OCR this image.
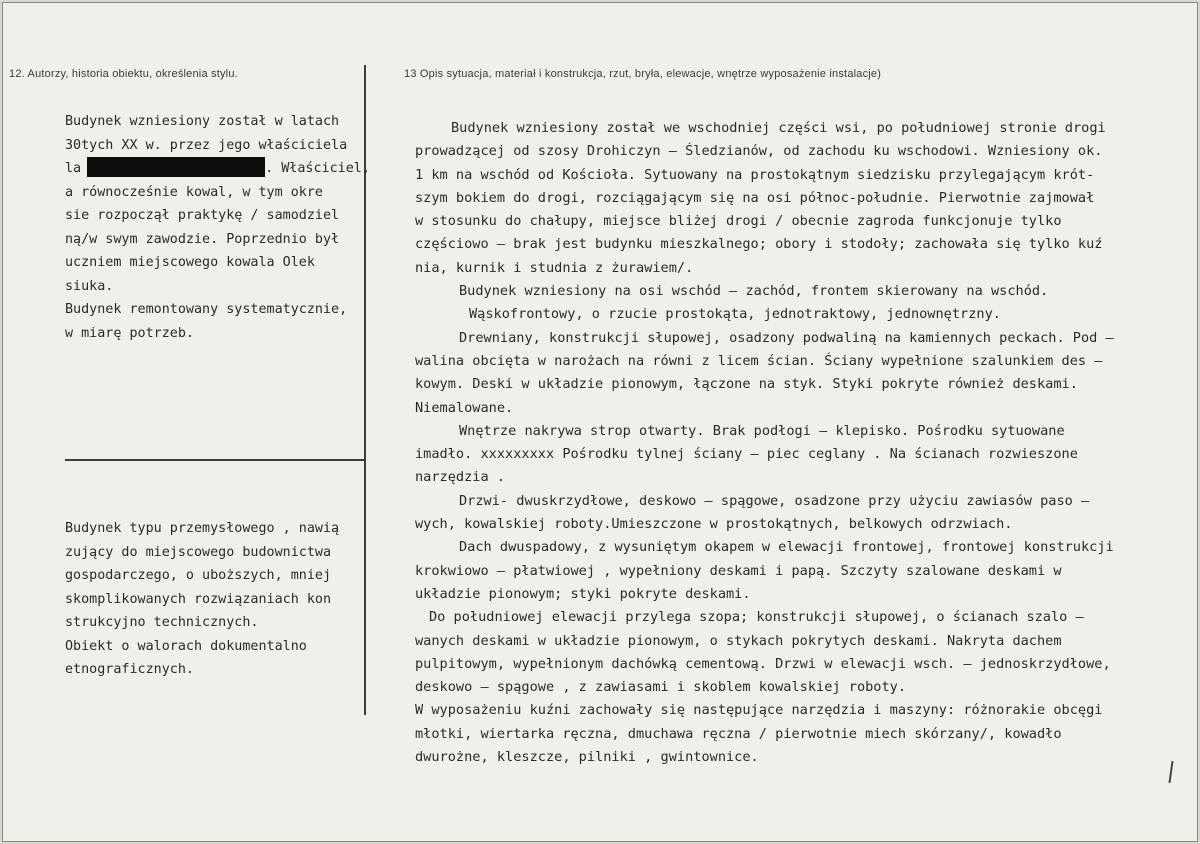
12. Autorzy, historia obiektu, określenia stylu.	13 Opis sytuacja, materiał i konstrukcja, rzut, bryła, elewacje, wnętrze wyposażenie instalacje)
Budynek wzniesiony został w latach
30tych XX w. przez jego właściciela
la	. Właściciel,
a równocześnie kowal, w tym okre
sie rozpoczął praktykę / samodziel
ną/w swym zawodzie. Poprzednio był
uczniem miejscowego kowala Olek
siuka.
Budynek remontowany systematycznie,
w miarę potrzeb.
Budynek typu przemysłowego , nawią
zujący do miejscowego budownictwa
gospodarczego, o uboższych, mniej
skomplikowanych rozwiązaniach kon
strukcyjno technicznych.
Obiekt o walorach dokumentalno
etnograficznych.
Budynek wzniesiony został we wschodniej części wsi, po południowej stronie drogi
prowadzącej od szosy Drohiczyn — Śledzianów, od zachodu ku wschodowi. Wzniesiony ok.
1 km na wschód od Kościoła. Sytuowany na prostokątnym siedzisku przylegającym krót-
szym bokiem do drogi, rozciągającym się na osi północ-południe. Pierwotnie zajmował
w stosunku do chałupy, miejsce bliżej drogi / obecnie zagroda funkcjonuje tylko
częściowo — brak jest budynku mieszkalnego; obory i stodoły; zachowała się tylko kuź
nia, kurnik i studnia z żurawiem/.
Budynek wzniesiony na osi wschód — zachód, frontem skierowany na wschód.
Wąskofrontowy, o rzucie prostokąta, jednotraktowy, jednownętrzny.
Drewniany, konstrukcji słupowej, osadzony podwaliną na kamiennych peckach. Pod —
walina obcięta w narożach na równi z licem ścian. Ściany wypełnione szalunkiem des —
kowym. Deski w układzie pionowym, łączone na styk. Styki pokryte również deskami.
Niemalowane.
Wnętrze nakrywa strop otwarty. Brak podłogi — klepisko. Pośrodku sytuowane
imadło. xxxxxxxxx Pośrodku tylnej ściany — piec ceglany . Na ścianach rozwieszone
narzędzia .
Drzwi- dwuskrzydłowe, deskowo — spągowe, osadzone przy użyciu zawiasów paso —
wych, kowalskiej roboty.Umieszczone w prostokątnych, belkowych odrzwiach.
Dach dwuspadowy, z wysuniętym okapem w elewacji frontowej, frontowej konstrukcji
krokwiowo — płatwiowej , wypełniony deskami i papą. Szczyty szalowane deskami w
układzie pionowym; styki pokryte deskami.
Do południowej elewacji przylega szopa; konstrukcji słupowej, o ścianach szalo —
wanych deskami w układzie pionowym, o stykach pokrytych deskami. Nakryta dachem
pulpitowym, wypełnionym dachówką cementową. Drzwi w elewacji wsch. — jednoskrzydłowe,
deskowo — spągowe , z zawiasami i skoblem kowalskiej roboty.
W wyposażeniu kuźni zachowały się następujące narzędzia i maszyny: różnorakie obcęgi
młotki, wiertarka ręczna, dmuchawa ręczna / pierwotnie miech skórzany/, kowadło
dwurożne, kleszcze, pilniki , gwintownice.
